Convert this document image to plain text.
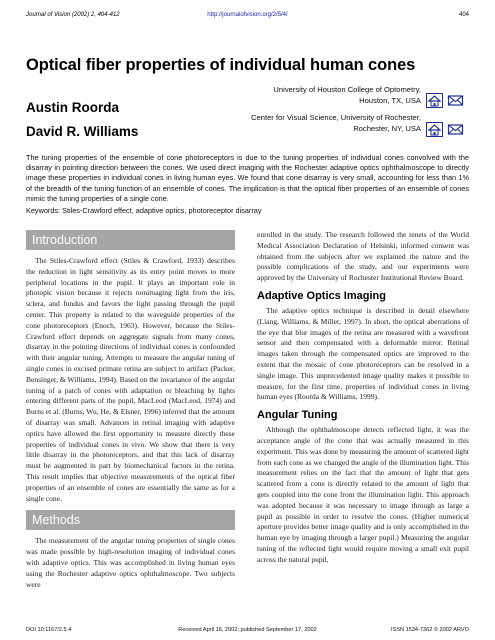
Journal of Vision (2002) 2, 404-412	http://journalofvision.org/2/5/4/	404
Optical fiber properties of individual human cones
Austin Roorda
University of Houston College of Optometry,
Houston, TX, USA
David R. Williams
Center for Visual Science, University of Rochester,
Rochester, NY, USA
The tuning properties of the ensemble of cone photoreceptors is due to the tuning properties of individual cones convolved with the disarray in pointing direction between the cones. We used direct imaging with the Rochester adaptive optics ophthalmoscope to directly image these properties in individual cones in living human eyes. We found that cone disarray is very small, accounting for less than 1% of the breadth of the tuning function of an ensemble of cones. The implication is that the optical fiber properties of an ensemble of cones mimic the tuning properties of a single cone.
Keywords: Stiles-Crawford effect, adaptive optics, photoreceptor disarray
Introduction

The Stiles-Crawford effect (Stiles & Crawford, 1933) describes the reduction in light sensitivity as its entry point moves to more peripheral locations in the pupil. It plays an important role in photopic vision because it rejects nonimaging light from the iris, sclera, and fundus and favors the light passing through the pupil center. This property is related to the waveguide properties of the cone photoreceptors (Enoch, 1963). However, because the Stiles-Crawford effect depends on aggregate signals from many cones, disarray in the pointing directions of individual cones is confounded with their angular tuning. Attempts to measure the angular tuning of single cones in excised primate retina are subject to artifact (Packer, Bensinger, & Williams, 1994). Based on the invariance of the angular tuning of a patch of cones with adaptation or bleaching by lights entering different parts of the pupil, MacLeod (MacLeod, 1974) and Burns et al. (Burns, Wu, He, & Elsner, 1996) inferred that the amount of disarray was small. Advances in retinal imaging with adaptive optics have allowed the first opportunity to measure directly these properties of individual cones in vivo. We show that there is very little disarray in the photoreceptors, and that this lack of disarray must be augmented in part by biomechanical factors in the retina. This result implies that objective measurements of the optical fiber properties of an ensemble of cones are essentially the same as for a single cone.

Methods

The measurement of the angular tuning properties of single cones was made possible by high-resolution imaging of individual cones with adaptive optics. This was accomplished in living human eyes using the Rochester adaptive optics ophthalmoscope. Two subjects were

enrolled in the study. The research followed the tenets of the World Medical Association Declaration of Helsinki, informed consent was obtained from the subjects after we explained the nature and the possible complications of the study, and our experiments were approved by the University of Rochester Institutional Review Board.

Adaptive Optics Imaging

The adaptive optics technique is described in detail elsewhere (Liang, Williams, & Miller, 1997). In short, the optical aberrations of the eye that blur images of the retina are measured with a wavefront sensor and then compensated with a deformable mirror. Retinal images taken through the compensated optics are improved to the extent that the mosaic of cone photoreceptors can be resolved in a single image. This unprecedented image quality makes it possible to measure, for the first time, properties of individual cones in living human eyes (Roorda & Williams, 1999).

Angular Tuning

Although the ophthalmoscope detects reflected light, it was the acceptance angle of the cone that was actually measured in this experiment. This was done by measuring the amount of scattered light from each cone as we changed the angle of the illumination light. This measurement relies on the fact that the amount of light that gets scattered from a cone is directly related to the amount of light that gets coupled into the cone from the illumination light. This approach was adopted because it was necessary to image through as large a pupil as possible in order to resolve the cones. (Higher numerical aperture provides better image quality and is only accomplished in the human eye by imaging through a larger pupil.) Measuring the angular tuning of the reflected light would require moving a small exit pupil across the natural pupil,

DOI 10:1167/2.5.4	Received April 16, 2002; published September 17, 2002	ISSN 1534-7362 © 2002 ARVO
